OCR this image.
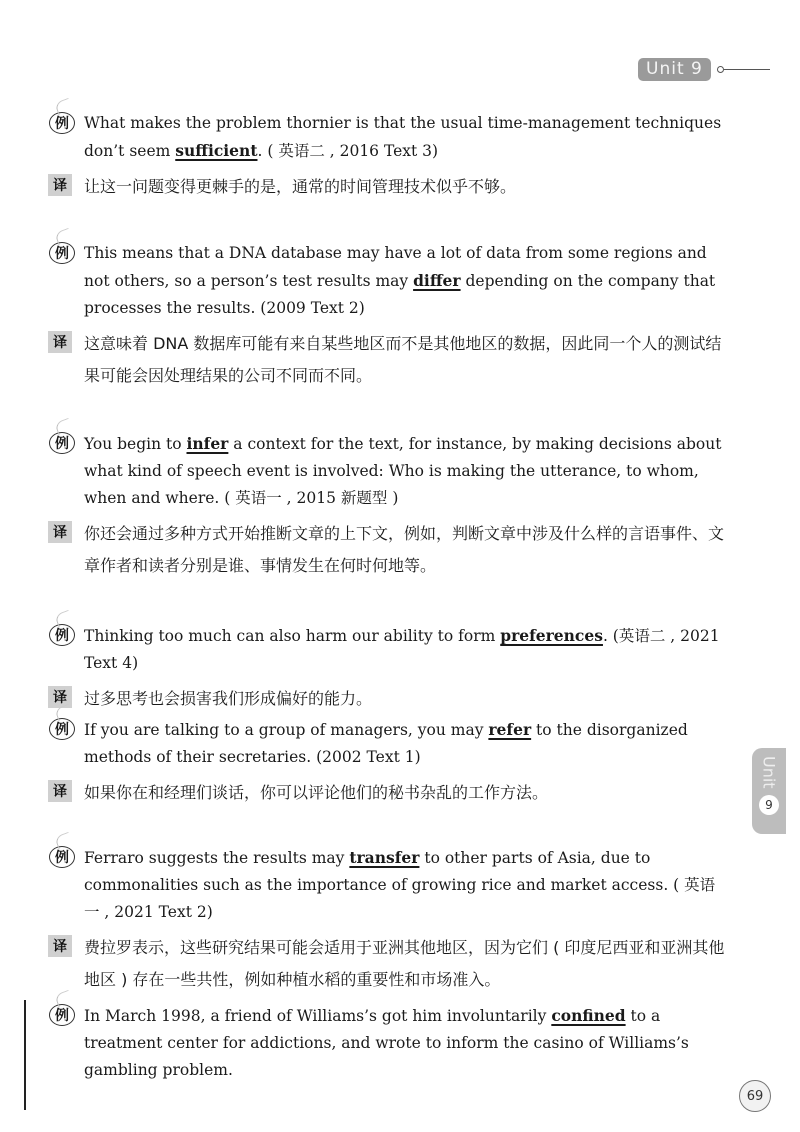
Unit 9
Unit
9
例 What makes the problem thornier is that the usual time-management techniques don’t seem sufficient. ( 英语二 , 2016 Text 3)
译	让这一问题变得更棘手的是，通常的时间管理技术似乎不够。
例 This means that a DNA database may have a lot of data from some regions and not others, so a person’s test results may differ depending on the company that processes the results. (2009 Text 2)
译	这意味着 DNA 数据库可能有来自某些地区而不是其他地区的数据，因此同一个人的测试结果可能会因处理结果的公司不同而不同。
例 You begin to infer a context for the text, for instance, by making decisions about what kind of speech event is involved: Who is making the utterance, to whom, when and where. ( 英语一 , 2015 新题型 )
译	你还会通过多种方式开始推断文章的上下文，例如，判断文章中涉及什么样的言语事件、文章作者和读者分别是谁、事情发生在何时何地等。
例 Thinking too much can also harm our ability to form preferences. (英语二 , 2021 Text 4)
译	过多思考也会损害我们形成偏好的能力。
例 If you are talking to a group of managers, you may refer to the disorganized methods of their secretaries. (2002 Text 1)
译	如果你在和经理们谈话，你可以评论他们的秘书杂乱的工作方法。
例 Ferraro suggests the results may transfer to other parts of Asia, due to commonalities such as the importance of growing rice and market access. ( 英语一 , 2021 Text 2)
译	费拉罗表示，这些研究结果可能会适用于亚洲其他地区，因为它们 ( 印度尼西亚和亚洲其他地区 ) 存在一些共性，例如种植水稻的重要性和市场准入。
例 In March 1998, a friend of Williams’s got him involuntarily confined to a treatment center for addictions, and wrote to inform the casino of Williams’s gambling problem.
69
